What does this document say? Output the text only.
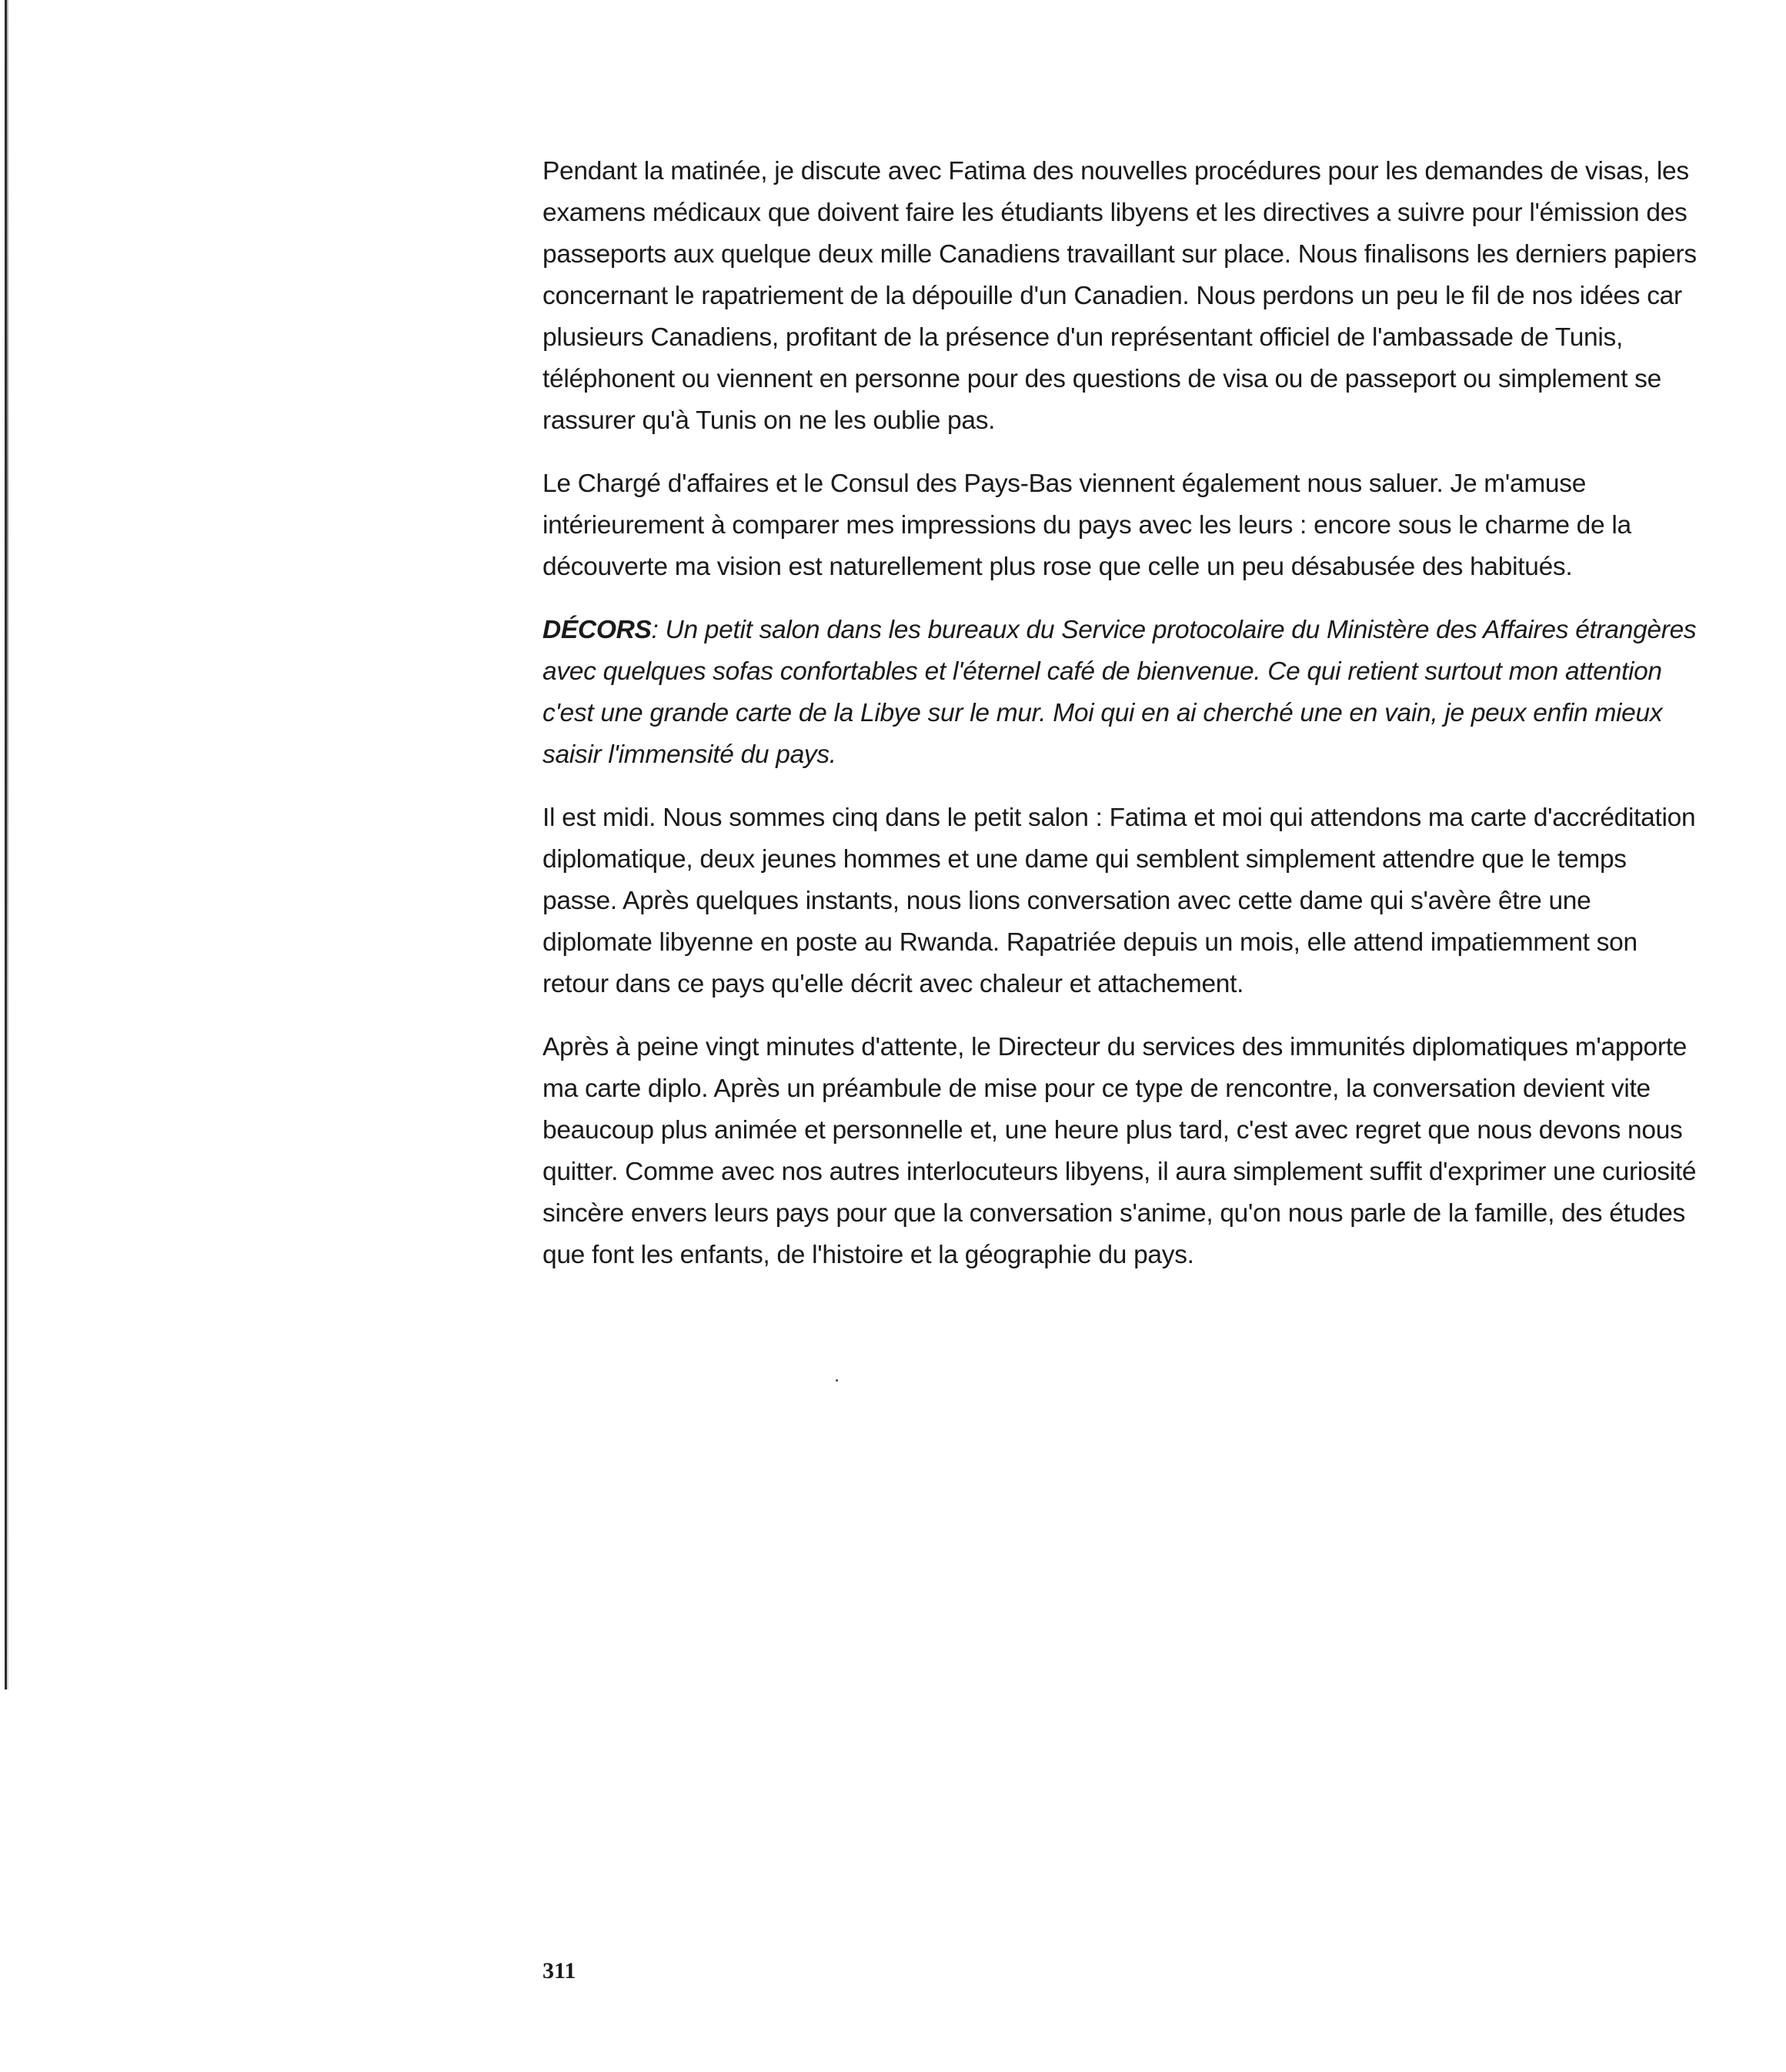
Pendant la matinée, je discute avec Fatima des nouvelles procédures pour les demandes de visas, les examens médicaux que doivent faire les étudiants libyens et les directives a suivre pour l'émission des passeports aux quelque deux mille Canadiens travaillant sur place. Nous finalisons les derniers papiers concernant le rapatriement de la dépouille d'un Canadien. Nous perdons un peu le fil de nos idées car plusieurs Canadiens, profitant de la présence d'un représentant officiel de l'ambassade de Tunis, téléphonent ou viennent en personne pour des questions de visa ou de passeport ou simplement se rassurer qu'à Tunis on ne les oublie pas.

Le Chargé d'affaires et le Consul des Pays-Bas viennent également nous saluer. Je m'amuse intérieurement à comparer mes impressions du pays avec les leurs : encore sous le charme de la découverte ma vision est naturellement plus rose que celle un peu désabusée des habitués.

DÉCORS: Un petit salon dans les bureaux du Service protocolaire du Ministère des Affaires étrangères avec quelques sofas confortables et l'éternel café de bienvenue. Ce qui retient surtout mon attention c'est une grande carte de la Libye sur le mur. Moi qui en ai cherché une en vain, je peux enfin mieux saisir l'immensité du pays.

Il est midi. Nous sommes cinq dans le petit salon : Fatima et moi qui attendons ma carte d'accréditation diplomatique, deux jeunes hommes et une dame qui semblent simplement attendre que le temps passe. Après quelques instants, nous lions conversation avec cette dame qui s'avère être une diplomate libyenne en poste au Rwanda. Rapatriée depuis un mois, elle attend impatiemment son retour dans ce pays qu'elle décrit avec chaleur et attachement.

Après à peine vingt minutes d'attente, le Directeur du services des immunités diplomatiques m'apporte ma carte diplo. Après un préambule de mise pour ce type de rencontre, la conversation devient vite beaucoup plus animée et personnelle et, une heure plus tard, c'est avec regret que nous devons nous quitter. Comme avec nos autres interlocuteurs libyens, il aura simplement suffit d'exprimer une curiosité sincère envers leurs pays pour que la conversation s'anime, qu'on nous parle de la famille, des études que font les enfants, de l'histoire et la géographie du pays.

311
